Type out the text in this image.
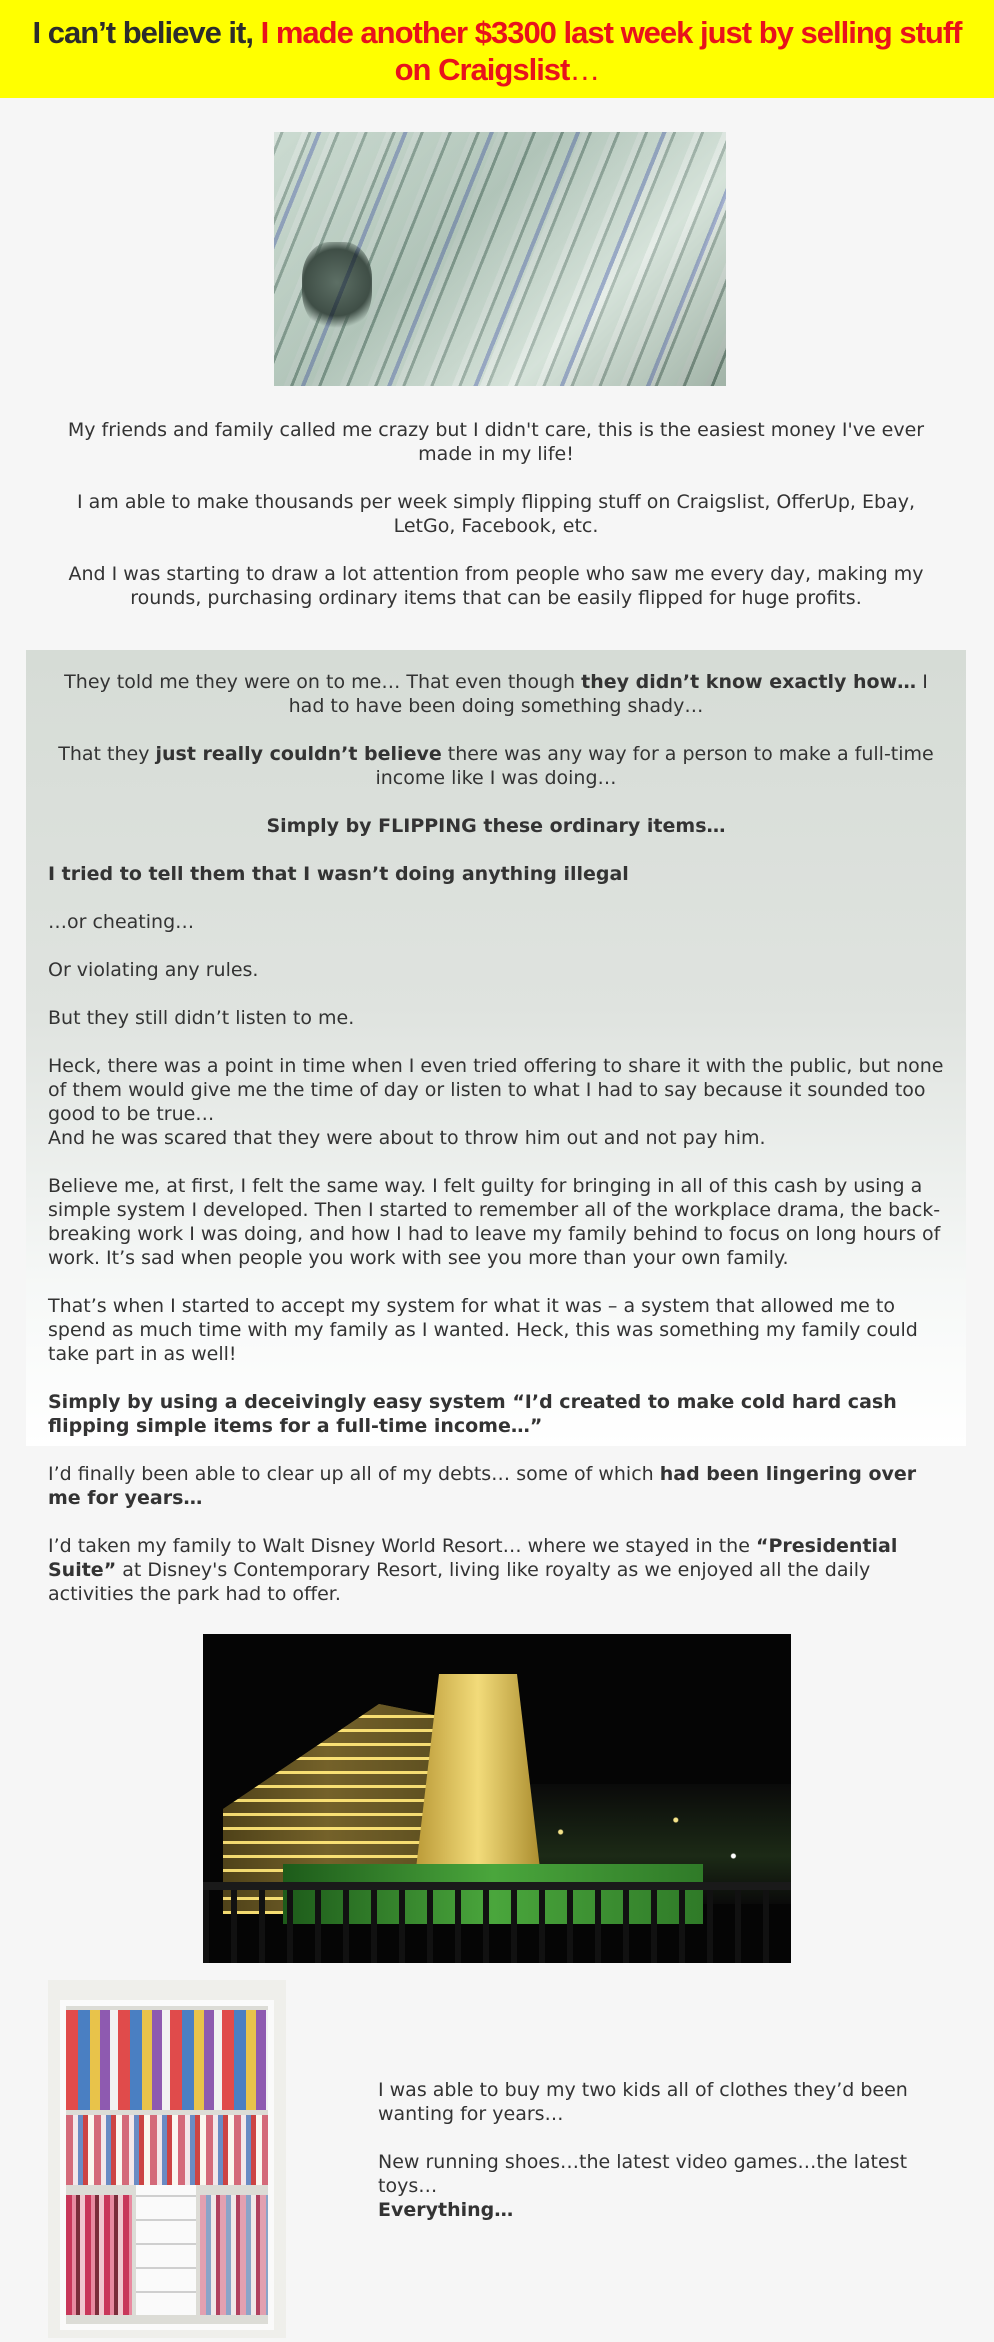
I can’t believe it, I made another $3300 last week just by selling stuff on Craigslist…

My friends and family called me crazy but I didn't care, this is the easiest money I've ever made in my life!

I am able to make thousands per week simply flipping stuff on Craigslist, OfferUp, Ebay, LetGo, Facebook, etc.

And I was starting to draw a lot attention from people who saw me every day, making my rounds, purchasing ordinary items that can be easily flipped for huge profits.

They told me they were on to me… That even though they didn’t know exactly how… I had to have been doing something shady…

That they just really couldn’t believe there was any way for a person to make a full-time income like I was doing…

Simply by FLIPPING these ordinary items…

I tried to tell them that I wasn’t doing anything illegal

…or cheating…

Or violating any rules.

But they still didn’t listen to me.

Heck, there was a point in time when I even tried offering to share it with the public, but none of them would give me the time of day or listen to what I had to say because it sounded too good to be true…

And he was scared that they were about to throw him out and not pay him.

Believe me, at first, I felt the same way. I felt guilty for bringing in all of this cash by using a simple system I developed. Then I started to remember all of the workplace drama, the back-breaking work I was doing, and how I had to leave my family behind to focus on long hours of work. It’s sad when people you work with see you more than your own family.

That’s when I started to accept my system for what it was – a system that allowed me to spend as much time with my family as I wanted. Heck, this was something my family could take part in as well!

Simply by using a deceivingly easy system “I’d created to make cold hard cash flipping simple items for a full-time income…”

I’d finally been able to clear up all of my debts… some of which had been lingering over me for years…

I’d taken my family to Walt Disney World Resort… where we stayed in the “Presidential Suite” at Disney's Contemporary Resort, living like royalty as we enjoyed all the daily activities the park had to offer.

I was able to buy my two kids all of clothes they’d been wanting for years…

New running shoes…the latest video games…the latest toys…
Everything…
